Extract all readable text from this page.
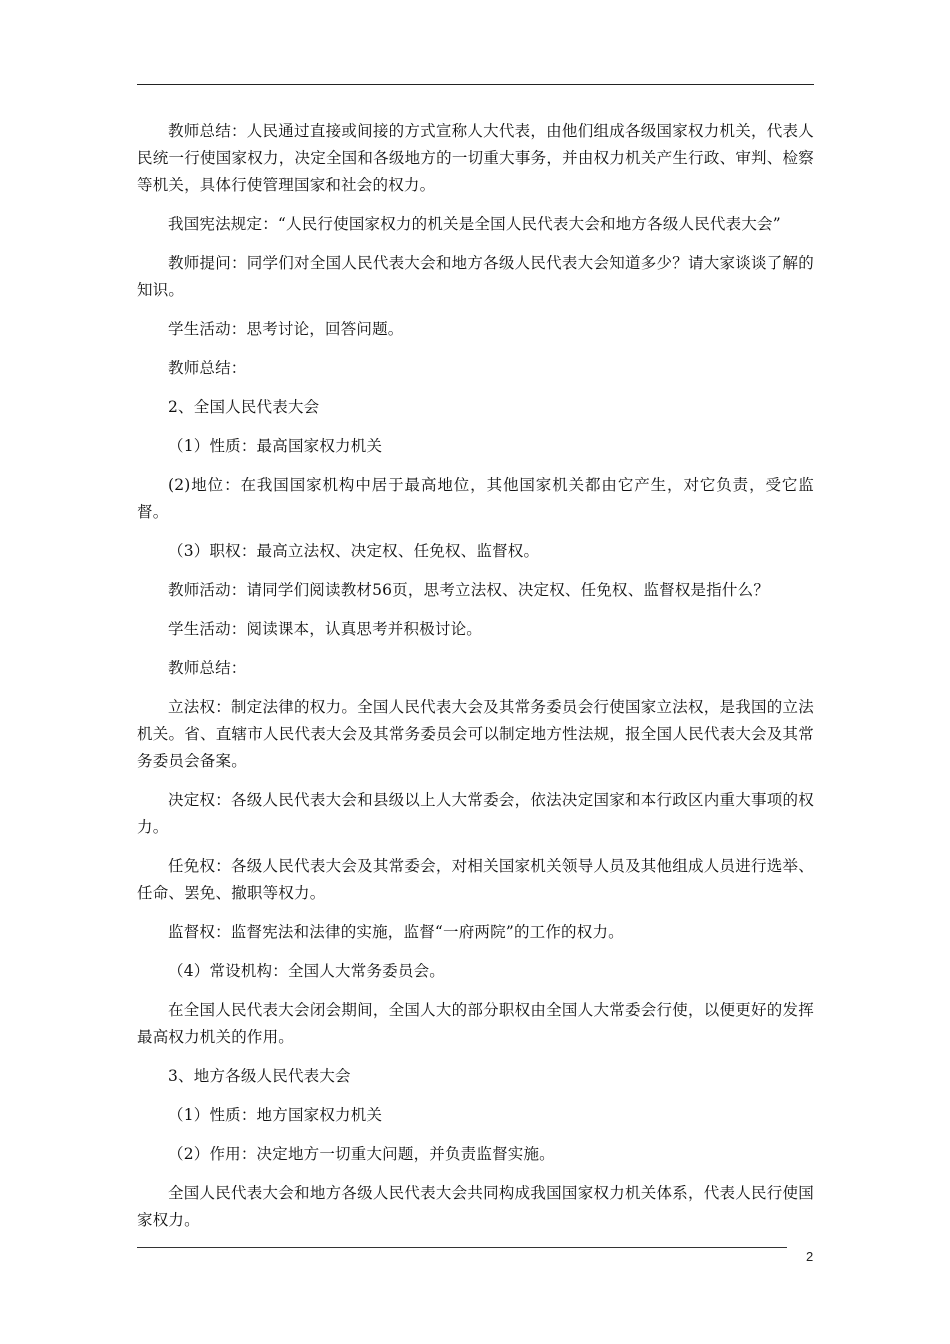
教师总结：人民通过直接或间接的方式宣称人大代表，由他们组成各级国家权力机关，代表人民统一行使国家权力，决定全国和各级地方的一切重大事务，并由权力机关产生行政、审判、检察等机关，具体行使管理国家和社会的权力。

我国宪法规定：“人民行使国家权力的机关是全国人民代表大会和地方各级人民代表大会”

教师提问：同学们对全国人民代表大会和地方各级人民代表大会知道多少？请大家谈谈了解的知识。

学生活动：思考讨论，回答问题。

教师总结：

2、全国人民代表大会

（1）性质：最高国家权力机关

(2)地位：在我国国家机构中居于最高地位，其他国家机关都由它产生，对它负责，受它监督。

（3）职权：最高立法权、决定权、任免权、监督权。

教师活动：请同学们阅读教材56页，思考立法权、决定权、任免权、监督权是指什么？

学生活动：阅读课本，认真思考并积极讨论。

教师总结：

立法权：制定法律的权力。全国人民代表大会及其常务委员会行使国家立法权，是我国的立法机关。省、直辖市人民代表大会及其常务委员会可以制定地方性法规，报全国人民代表大会及其常务委员会备案。

决定权：各级人民代表大会和县级以上人大常委会，依法决定国家和本行政区内重大事项的权力。

任免权：各级人民代表大会及其常委会，对相关国家机关领导人员及其他组成人员进行选举、任命、罢免、撤职等权力。

监督权：监督宪法和法律的实施，监督“一府两院”的工作的权力。

（4）常设机构：全国人大常务委员会。

在全国人民代表大会闭会期间，全国人大的部分职权由全国人大常委会行使，以便更好的发挥最高权力机关的作用。

3、地方各级人民代表大会

（1）性质：地方国家权力机关

（2）作用：决定地方一切重大问题，并负责监督实施。

全国人民代表大会和地方各级人民代表大会共同构成我国国家权力机关体系，代表人民行使国家权力。

2
